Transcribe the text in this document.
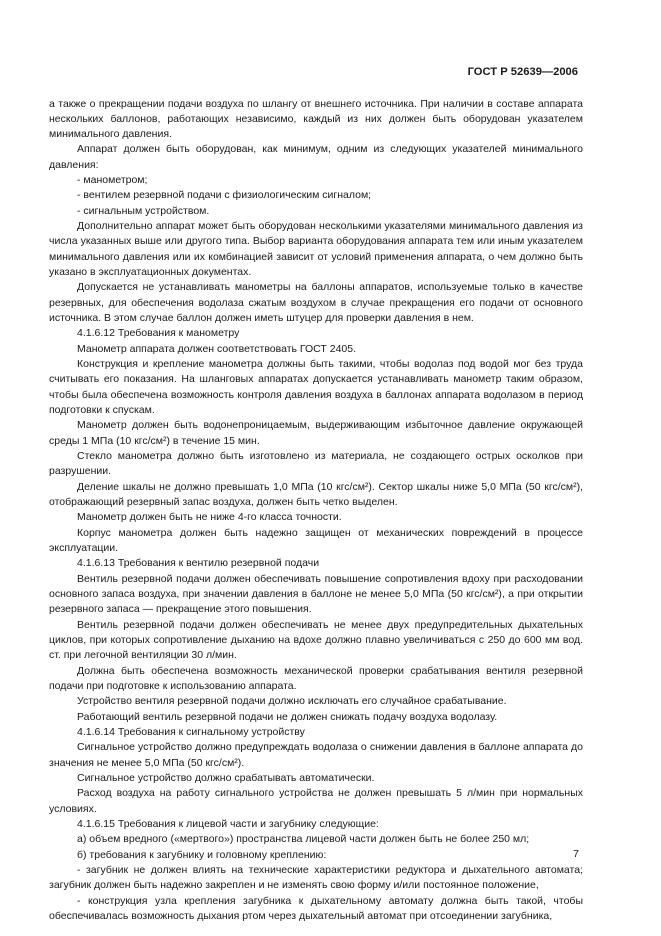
ГОСТ Р 52639—2006

а также о прекращении подачи воздуха по шлангу от внешнего источника. При наличии в составе аппарата нескольких баллонов, работающих независимо, каждый из них должен быть оборудован указателем минимального давления.

Аппарат должен быть оборудован, как минимум, одним из следующих указателей минимального давления:

- манометром;

- вентилем резервной подачи с физиологическим сигналом;

- сигнальным устройством.

Дополнительно аппарат может быть оборудован несколькими указателями минимального давления из числа указанных выше или другого типа. Выбор варианта оборудования аппарата тем или иным указателем минимального давления или их комбинацией зависит от условий применения аппарата, о чем должно быть указано в эксплуатационных документах.

Допускается не устанавливать манометры на баллоны аппаратов, используемые только в качестве резервных, для обеспечения водолаза сжатым воздухом в случае прекращения его подачи от основного источника. В этом случае баллон должен иметь штуцер для проверки давления в нем.

4.1.6.12 Требования к манометру

Манометр аппарата должен соответствовать ГОСТ 2405.

Конструкция и крепление манометра должны быть такими, чтобы водолаз под водой мог без труда считывать его показания. На шланговых аппаратах допускается устанавливать манометр таким образом, чтобы была обеспечена возможность контроля давления воздуха в баллонах аппарата водолазом в период подготовки к спускам.

Манометр должен быть водонепроницаемым, выдерживающим избыточное давление окружающей среды 1 МПа (10 кгс/см²) в течение 15 мин.

Стекло манометра должно быть изготовлено из материала, не создающего острых осколков при разрушении.

Деление шкалы не должно превышать 1,0 МПа (10 кгс/см²). Сектор шкалы ниже 5,0 МПа (50 кгс/см²), отображающий резервный запас воздуха, должен быть четко выделен.

Манометр должен быть не ниже 4-го класса точности.

Корпус манометра должен быть надежно защищен от механических повреждений в процессе эксплуатации.

4.1.6.13 Требования к вентилю резервной подачи

Вентиль резервной подачи должен обеспечивать повышение сопротивления вдоху при расходовании основного запаса воздуха, при значении давления в баллоне не менее 5,0 МПа (50 кгс/см²), а при открытии резервного запаса — прекращение этого повышения.

Вентиль резервной подачи должен обеспечивать не менее двух предупредительных дыхательных циклов, при которых сопротивление дыханию на вдохе должно плавно увеличиваться с 250 до 600 мм вод. ст. при легочной вентиляции 30 л/мин.

Должна быть обеспечена возможность механической проверки срабатывания вентиля резервной подачи при подготовке к использованию аппарата.

Устройство вентиля резервной подачи должно исключать его случайное срабатывание.

Работающий вентиль резервной подачи не должен снижать подачу воздуха водолазу.

4.1.6.14 Требования к сигнальному устройству

Сигнальное устройство должно предупреждать водолаза о снижении давления в баллоне аппарата до значения не менее 5,0 МПа (50 кгс/см²).

Сигнальное устройство должно срабатывать автоматически.

Расход воздуха на работу сигнального устройства не должен превышать 5 л/мин при нормальных условиях.

4.1.6.15 Требования к лицевой части и загубнику следующие:

а) объем вредного («мертвого») пространства лицевой части должен быть не более 250 мл;

б) требования к загубнику и головному креплению:

- загубник не должен влиять на технические характеристики редуктора и дыхательного автомата; загубник должен быть надежно закреплен и не изменять свою форму и/или постоянное положение,

- конструкция узла крепления загубника к дыхательному автомату должна быть такой, чтобы обеспечивалась возможность дыхания ртом через дыхательный автомат при отсоединении загубника,

7
